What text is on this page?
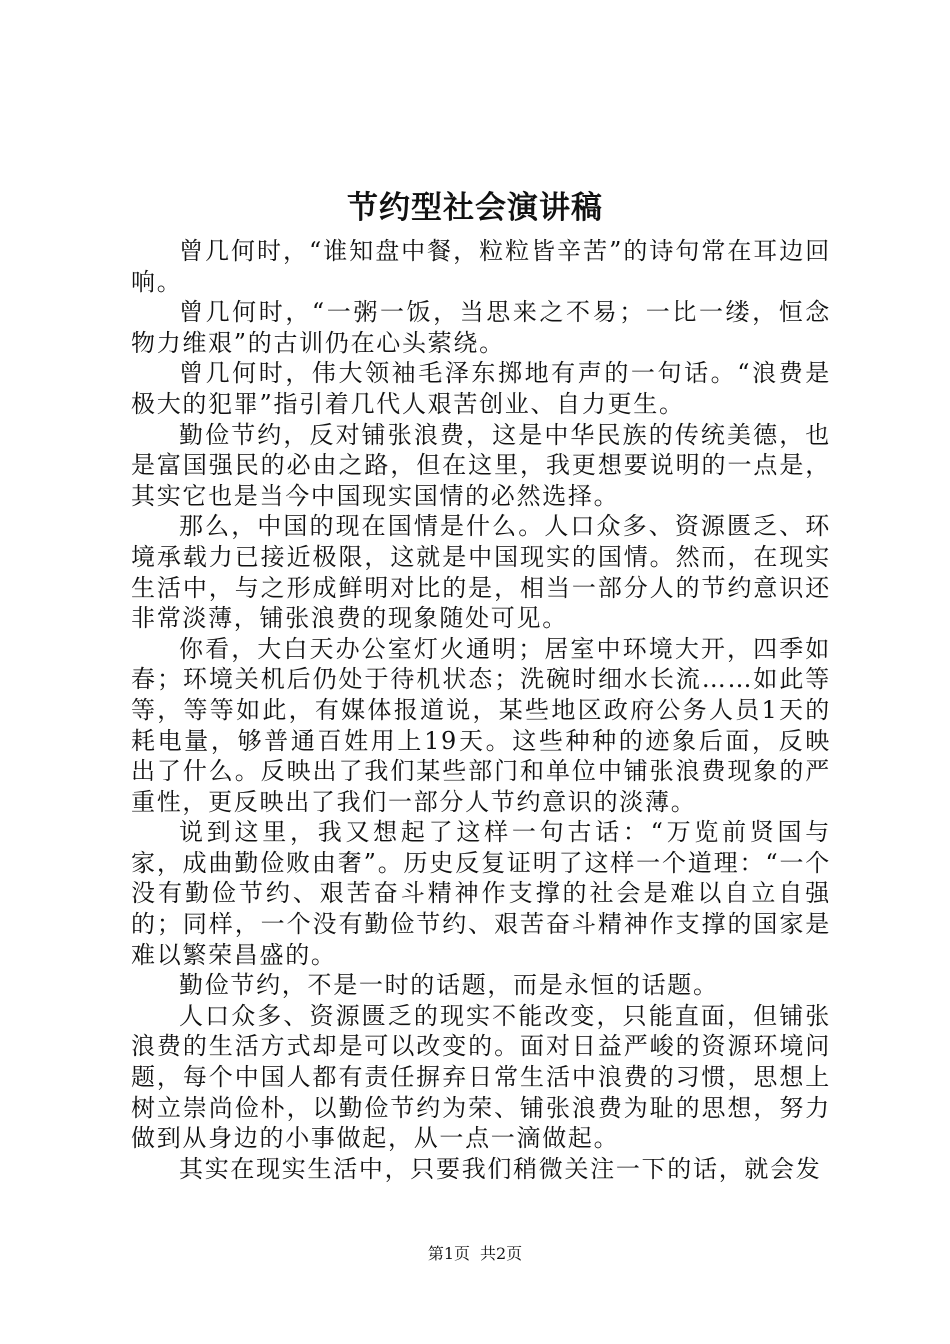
节约型社会演讲稿

曾几何时，“谁知盘中餐，粒粒皆辛苦”的诗句常在耳边回响。

曾几何时，“一粥一饭，当思来之不易；一比一缕，恒念物力维艰”的古训仍在心头萦绕。

曾几何时，伟大领袖毛泽东掷地有声的一句话。“浪费是极大的犯罪”指引着几代人艰苦创业、自力更生。

勤俭节约，反对铺张浪费，这是中华民族的传统美德，也是富国强民的必由之路，但在这里，我更想要说明的一点是，其实它也是当今中国现实国情的必然选择。

那么，中国的现在国情是什么。人口众多、资源匮乏、环境承载力已接近极限，这就是中国现实的国情。然而，在现实生活中，与之形成鲜明对比的是，相当一部分人的节约意识还非常淡薄，铺张浪费的现象随处可见。

你看，大白天办公室灯火通明；居室中环境大开，四季如春；环境关机后仍处于待机状态；洗碗时细水长流……如此等等，等等如此，有媒体报道说，某些地区政府公务人员1天的耗电量，够普通百姓用上19天。这些种种的迹象后面，反映出了什么。反映出了我们某些部门和单位中铺张浪费现象的严重性，更反映出了我们一部分人节约意识的淡薄。

说到这里，我又想起了这样一句古话：“万览前贤国与家，成曲勤俭败由奢”。历史反复证明了这样一个道理：“一个没有勤俭节约、艰苦奋斗精神作支撑的社会是难以自立自强的；同样，一个没有勤俭节约、艰苦奋斗精神作支撑的国家是难以繁荣昌盛的。

勤俭节约，不是一时的话题，而是永恒的话题。

人口众多、资源匮乏的现实不能改变，只能直面，但铺张浪费的生活方式却是可以改变的。面对日益严峻的资源环境问题，每个中国人都有责任摒弃日常生活中浪费的习惯，思想上树立崇尚俭朴，以勤俭节约为荣、铺张浪费为耻的思想，努力做到从身边的小事做起，从一点一滴做起。

其实在现实生活中，只要我们稍微关注一下的话，就会发

第1页 共2页
